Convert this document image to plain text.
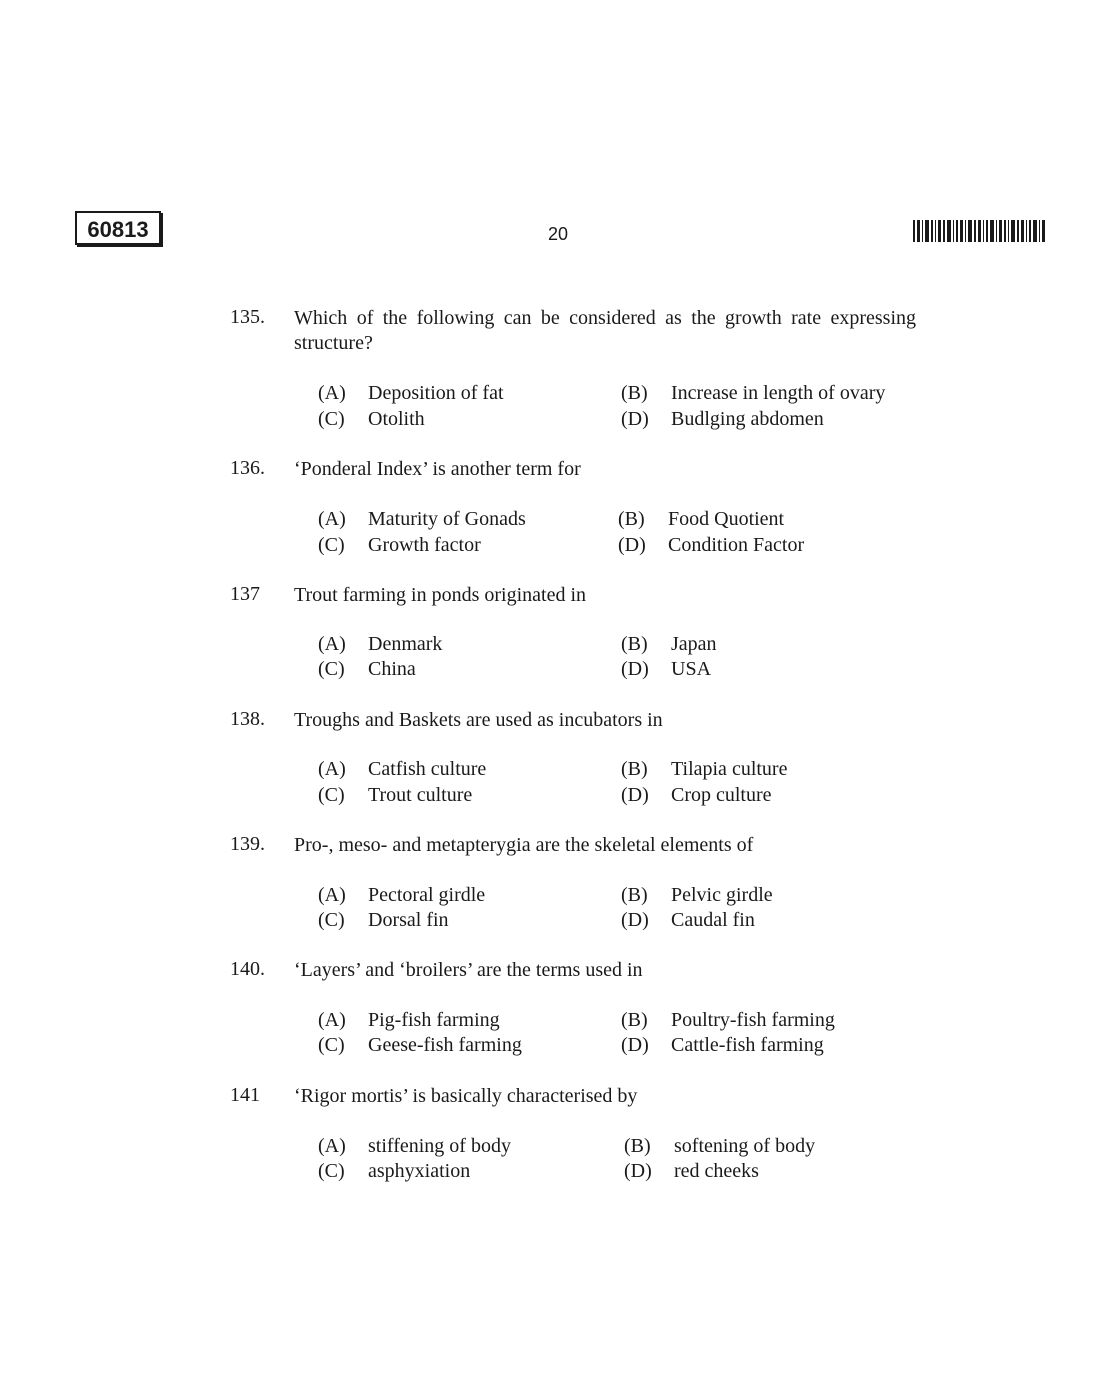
60813	20
135. Which of the following can be considered as the growth rate expressing structure?
(A) Deposition of fat	(B) Increase in length of ovary
(C) Otolith	(D) Budlging abdomen
136. ‘Ponderal Index’ is another term for
(A) Maturity of Gonads	(B) Food Quotient
(C) Growth factor	(D) Condition Factor
137 Trout farming in ponds originated in
(A) Denmark	(B) Japan
(C) China	(D) USA
138. Troughs and Baskets are used as incubators in
(A) Catfish culture	(B) Tilapia culture
(C) Trout culture	(D) Crop culture
139. Pro-, meso- and metapterygia are the skeletal elements of
(A) Pectoral girdle	(B) Pelvic girdle
(C) Dorsal fin	(D) Caudal fin
140. ‘Layers’ and ‘broilers’ are the terms used in
(A) Pig-fish farming	(B) Poultry-fish farming
(C) Geese-fish farming	(D) Cattle-fish farming
141 ‘Rigor mortis’ is basically characterised by
(A) stiffening of body	(B) softening of body
(C) asphyxiation	(D) red cheeks
